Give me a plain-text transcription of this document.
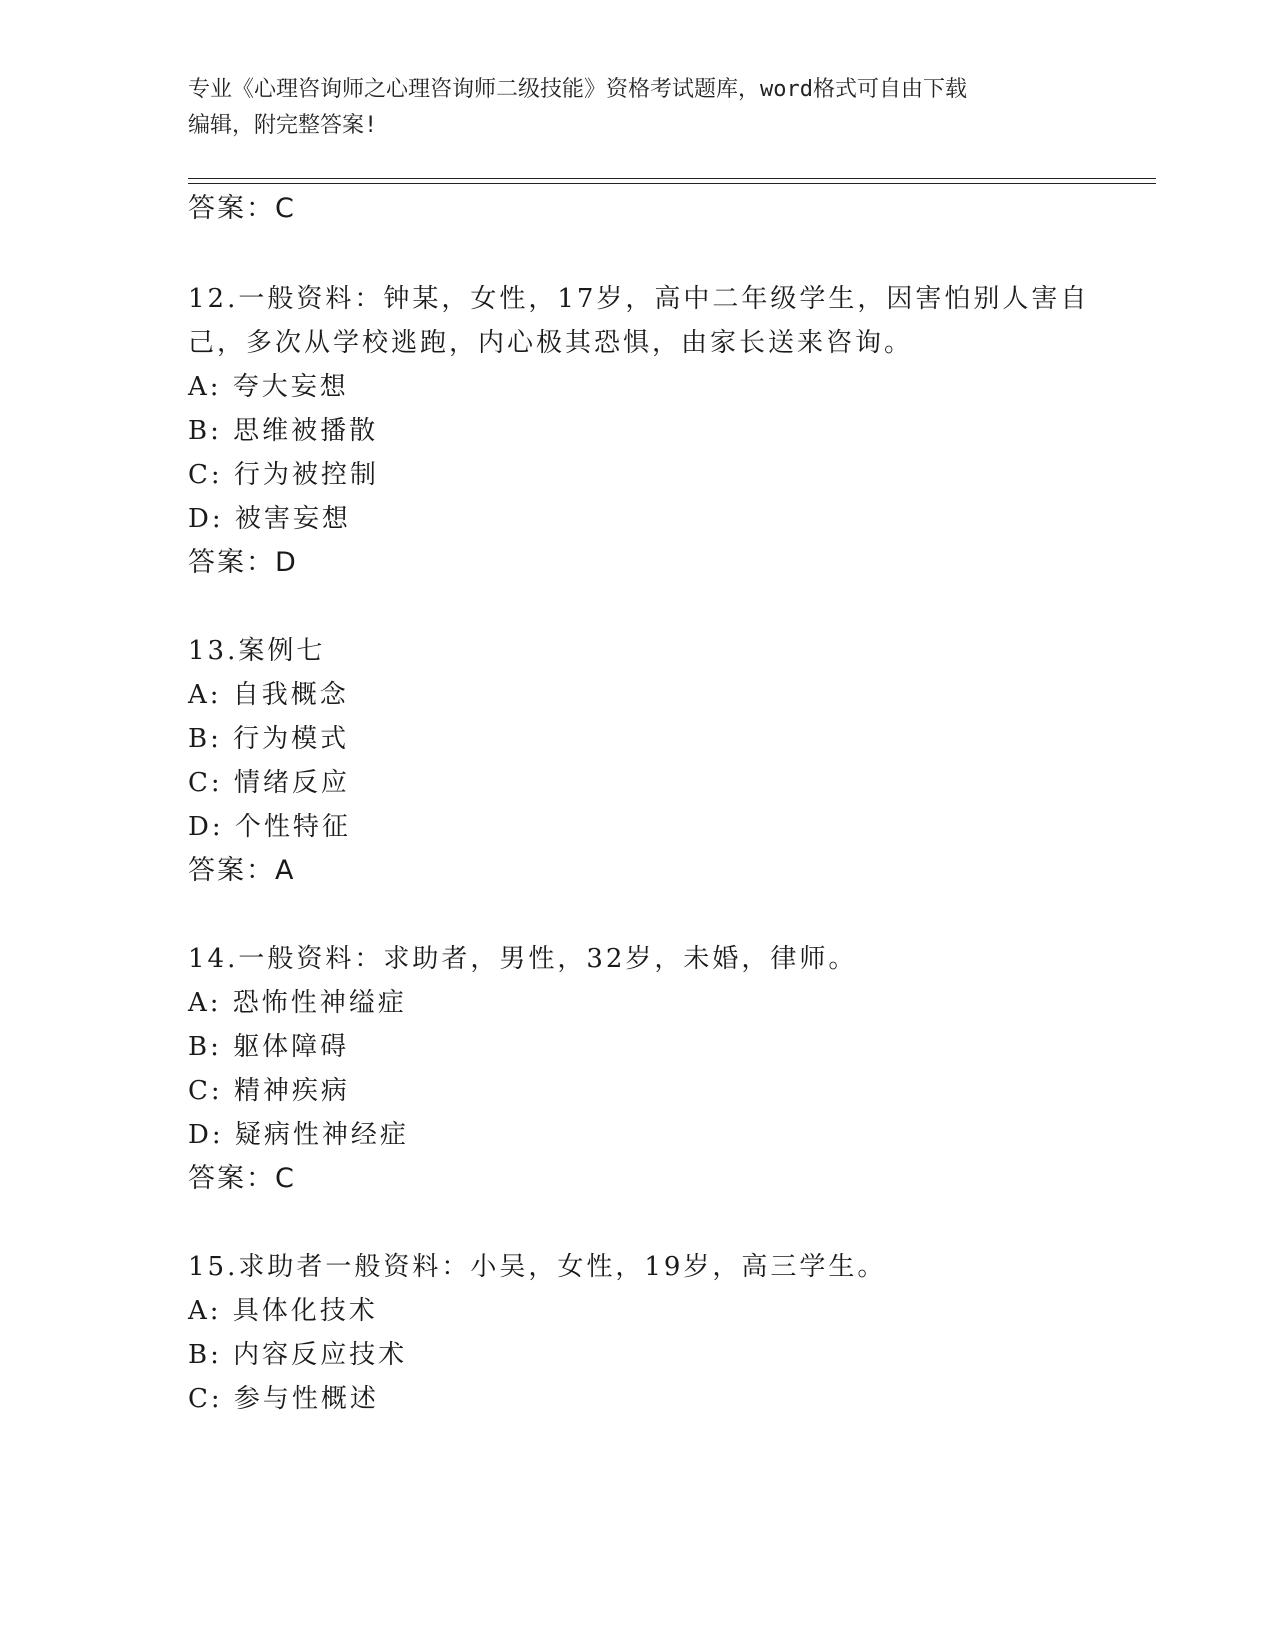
专业《心理咨询师之心理咨询师二级技能》资格考试题库，word格式可自由下载
编辑，附完整答案!
答案：C
12.一般资料：钟某，女性，17岁，高中二年级学生，因害怕别人害自
己，多次从学校逃跑，内心极其恐惧，由家长送来咨询。
A: 夸大妄想
B: 思维被播散
C: 行为被控制
D: 被害妄想
答案：D
13.案例七
A: 自我概念
B: 行为模式
C: 情绪反应
D: 个性特征
答案：A
14.一般资料：求助者，男性，32岁，未婚，律师。
A: 恐怖性神缢症
B: 躯体障碍
C: 精神疾病
D: 疑病性神经症
答案：C
15.求助者一般资料：小吴，女性，19岁，高三学生。
A: 具体化技术
B: 内容反应技术
C: 参与性概述
